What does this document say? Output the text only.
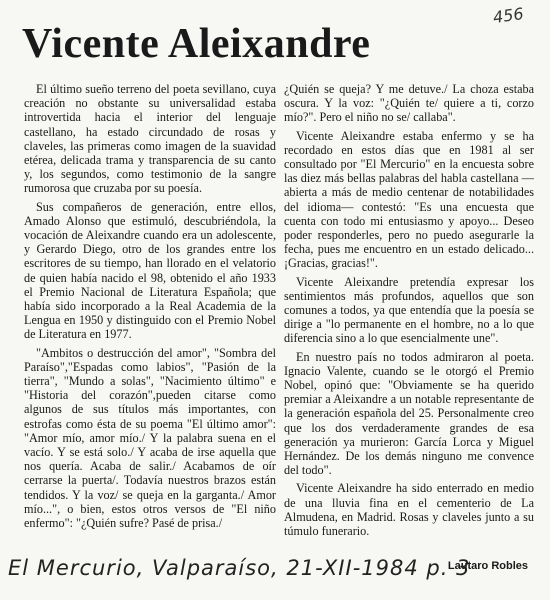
456
Vicente Aleixandre

El último sueño terreno del poeta sevillano, cuya creación no obstante su universalidad estaba introvertida hacia el interior del lenguaje castellano, ha estado circundado de rosas y claveles, las primeras como imagen de la suavidad etérea, delicada trama y transparencia de su canto y, los segundos, como testimonio de la sangre rumorosa que cruzaba por su poesía.

Sus compañeros de generación, entre ellos, Amado Alonso que estimuló, descubriéndola, la vocación de Aleixandre cuando era un adolescente, y Gerardo Diego, otro de los grandes entre los escritores de su tiempo, han llorado en el velatorio de quien había nacido el 98, obtenido el año 1933 el Premio Nacional de Literatura Española; que había sido incorporado a la Real Academia de la Lengua en 1950 y distinguido con el Premio Nobel de Literatura en 1977.

"Ambitos o destrucción del amor", "Sombra del Paraíso","Espadas como labios", "Pasión de la tierra", "Mundo a solas", "Nacimiento último" e "Historia del corazón",pueden citarse como algunos de sus títulos más importantes, con estrofas como ésta de su poema "El último amor": "Amor mío, amor mío./ Y la palabra suena en el vacío. Y se está solo./ Y acaba de irse aquella que nos quería. Acaba de salir./ Acabamos de oír cerrarse la puerta/. Todavía nuestros brazos están tendidos. Y la voz/ se queja en la garganta./ Amor mío...", o bien, estos otros versos de "El niño enfermo": "¿Quién sufre? Pasé de prisa./

¿Quién se queja? Y me detuve./ La choza estaba oscura. Y la voz: "¿Quién te/ quiere a ti, corzo mío?". Pero el niño no se/ callaba".

Vicente Aleixandre estaba enfermo y se ha recordado en estos días que en 1981 al ser consultado por "El Mercurio" en la encuesta sobre las diez más bellas palabras del habla castellana —abierta a más de medio centenar de notabilidades del idioma— contestó: "Es una encuesta que cuenta con todo mi entusiasmo y apoyo... Deseo poder responderles, pero no puedo asegurarle la fecha, pues me encuentro en un estado delicado... ¡Gracias, gracias!".

Vicente Aleixandre pretendía expresar los sentimientos más profundos, aquellos que son comunes a todos, ya que entendía que la poesía se dirige a "lo permanente en el hombre, no a lo que diferencia sino a lo que esencialmente une".

En nuestro país no todos admiraron al poeta. Ignacio Valente, cuando se le otorgó el Premio Nobel, opinó que: "Obviamente se ha querido premiar a Aleixandre a un notable representante de la generación española del 25. Personalmente creo que los dos verdaderamente grandes de esa generación ya murieron: García Lorca y Miguel Hernández. De los demás ninguno me convence del todo".

Vicente Aleixandre ha sido enterrado en medio de una lluvia fina en el cementerio de La Almudena, en Madrid. Rosas y claveles junto a su túmulo funerario.

Lautaro Robles
El Mercurio, Valparaíso, 21-XII-1984 p. 3
